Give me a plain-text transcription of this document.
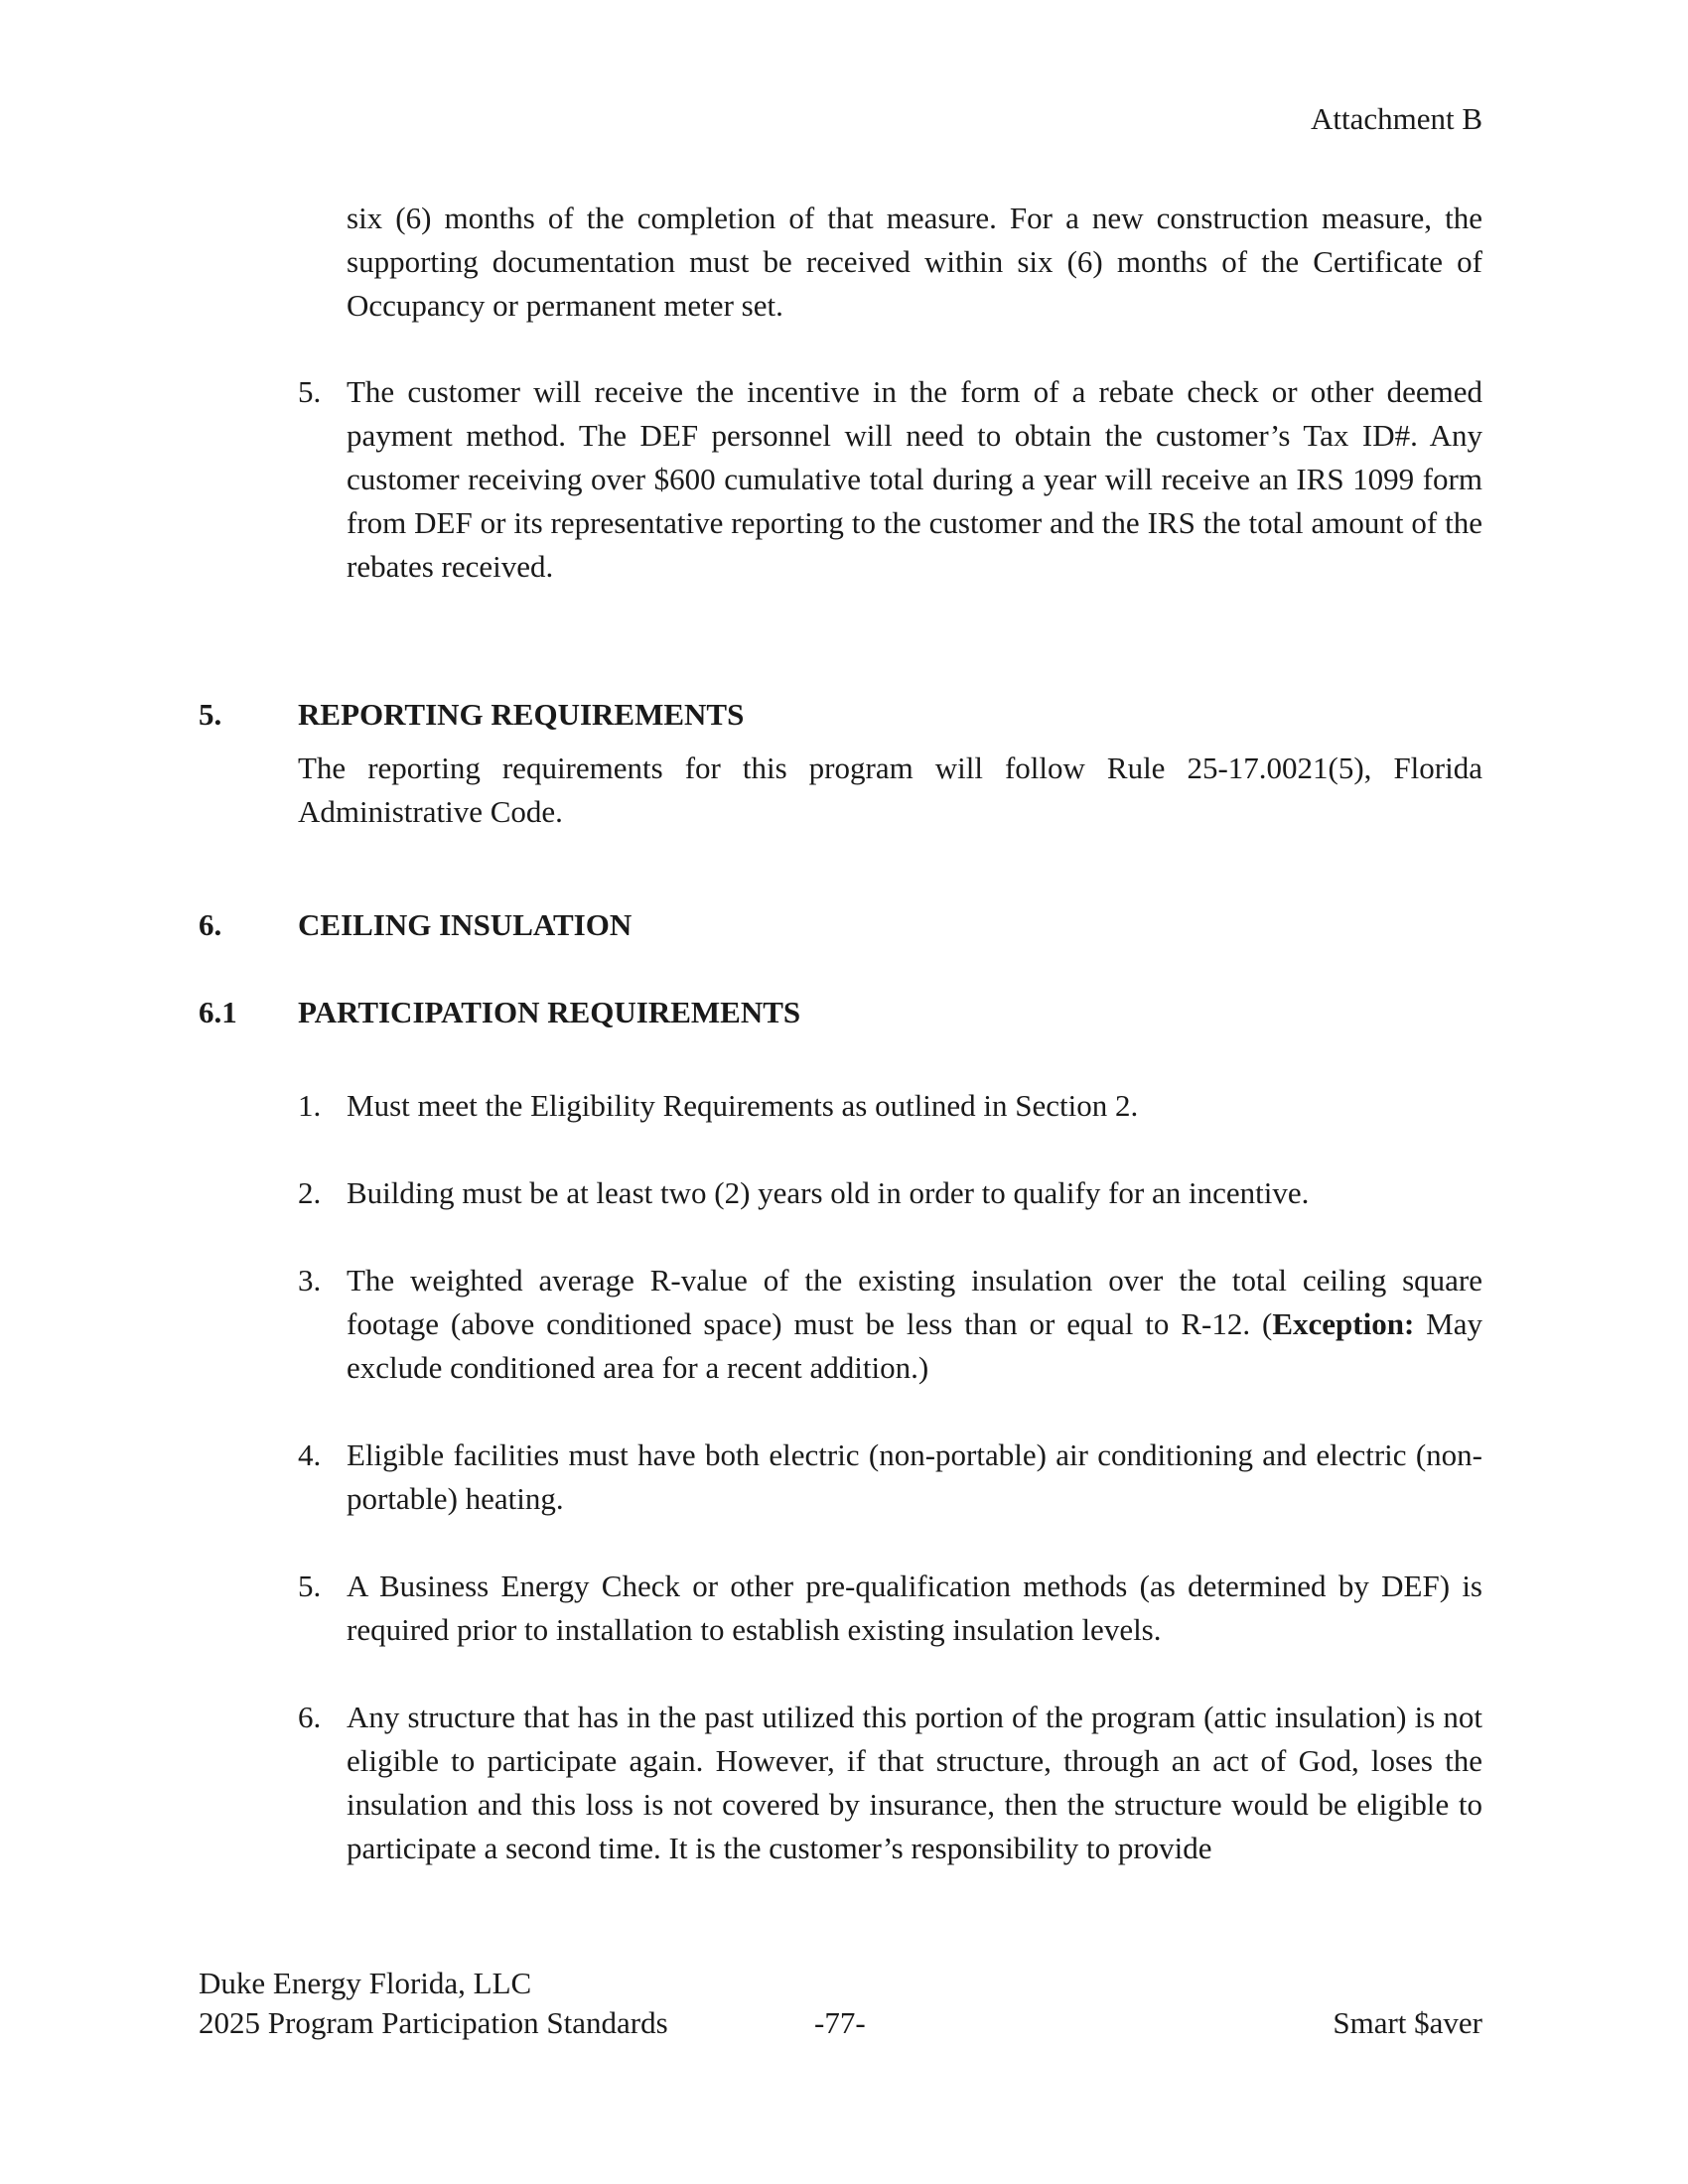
Attachment B

six (6) months of the completion of that measure. For a new construction measure, the supporting documentation must be received within six (6) months of the Certificate of Occupancy or permanent meter set.

5. The customer will receive the incentive in the form of a rebate check or other deemed payment method. The DEF personnel will need to obtain the customer’s Tax ID#. Any customer receiving over $600 cumulative total during a year will receive an IRS 1099 form from DEF or its representative reporting to the customer and the IRS the total amount of the rebates received.
5. REPORTING REQUIREMENTS

The reporting requirements for this program will follow Rule 25-17.0021(5), Florida Administrative Code.

6. CEILING INSULATION
6.1 PARTICIPATION REQUIREMENTS
1. Must meet the Eligibility Requirements as outlined in Section 2.
2. Building must be at least two (2) years old in order to qualify for an incentive.
3. The weighted average R-value of the existing insulation over the total ceiling square footage (above conditioned space) must be less than or equal to R-12. (Exception: May exclude conditioned area for a recent addition.)
4. Eligible facilities must have both electric (non-portable) air conditioning and electric (non-portable) heating.
5. A Business Energy Check or other pre-qualification methods (as determined by DEF) is required prior to installation to establish existing insulation levels.
6. Any structure that has in the past utilized this portion of the program (attic insulation) is not eligible to participate again. However, if that structure, through an act of God, loses the insulation and this loss is not covered by insurance, then the structure would be eligible to participate a second time. It is the customer’s responsibility to provide
Duke Energy Florida, LLC
2025 Program Participation Standards	-77-	Smart $aver
